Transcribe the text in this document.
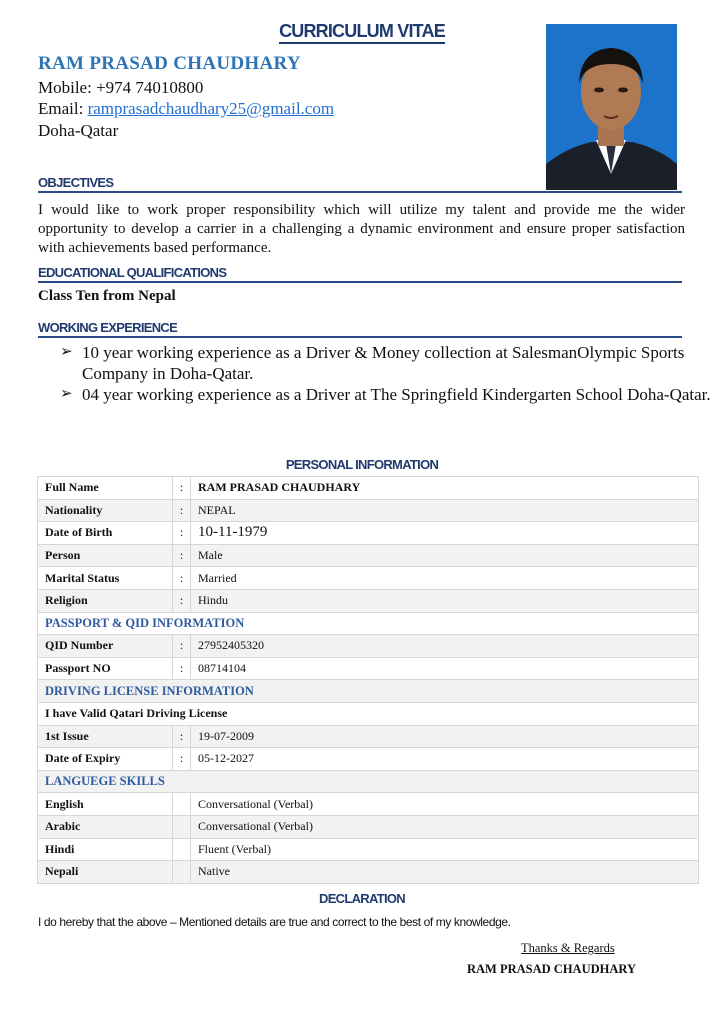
CURRICULUM VITAE
RAM PRASAD CHAUDHARY
Mobile: +974 74010800
Email: ramprasadchaudhary25@gmail.com
Doha-Qatar
OBJECTIVES
I would like to work proper responsibility which will utilize my talent and provide me the wider opportunity to develop a carrier in a challenging a dynamic environment and ensure proper satisfaction with achievements based performance.
EDUCATIONAL QUALIFICATIONS
Class Ten from Nepal
WORKING EXPERIENCE
➢ 10 year working experience as a Driver & Money collection at SalesmanOlympic Sports Company in Doha-Qatar.
➢ 04 year working experience as a Driver at The Springfield Kindergarten School Doha-Qatar.
PERSONAL INFORMATION
Full Name	:	RAM PRASAD CHAUDHARY
Nationality	:	NEPAL
Date of Birth	:	10-11-1979
Person	:	Male
Marital Status	:	Married
Religion	:	Hindu
PASSPORT & QID INFORMATION		
QID Number	:	27952405320
Passport NO	:	08714104
DRIVING LICENSE INFORMATION		
I have Valid Qatari Driving License		
1st Issue	:	19-07-2009
Date of Expiry	:	05-12-2027
LANGUEGE SKILLS		
English		Conversational (Verbal)
Arabic		Conversational (Verbal)
Hindi		Fluent (Verbal)
Nepali		Native
DECLARATION
I do hereby that the above – Mentioned details are true and correct to the best of my knowledge.
Thanks & Regards
RAM PRASAD CHAUDHARY
